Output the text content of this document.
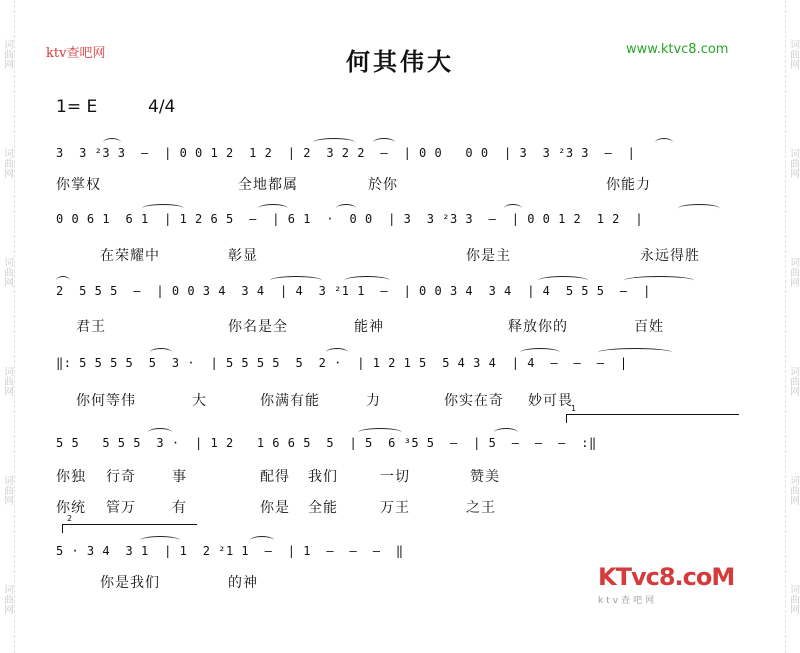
词曲网
词曲网
词曲网
词曲网
词曲网
词曲网
词曲网
词曲网
词曲网
词曲网
词曲网
词曲网
ktv查吧网	何其伟大	www.ktvc8.com
1= E	4/4
3  3 ²3 3  –  | 0 0 1 2  1 2  | 2  3 2 2  –  | 0 0   0 0  | 3  3 ²3 3  –  |
你掌权	全地都属	於你	你能力
0 0 6 1  6 1  | 1 2 6 5  –  | 6 1  ·  0 0  | 3  3 ²3 3  –  | 0 0 1 2  1 2  |
在荣耀中	彰显	你是主	永远得胜
2  5 5 5  –  | 0 0 3 4  3 4  | 4  3 ²1 1  –  | 0 0 3 4  3 4  | 4  5 5 5  –  |
君王	你名是全	能神	释放你的	百姓
‖: 5 5 5 5  5  3 ·  | 5 5 5 5  5  2 ·  | 1 2 1 5  5 4 3 4  | 4  –  –  –  |
你何等伟	大	你满有能	力	你实在奇 妙可畏
1
5 5   5 5 5  3 ·  | 1 2   1 6 6 5  5  | 5  6 ³5 5  –  | 5  –  –  –  :‖
你独 行奇	事	配得 我们	一切	赞美
你统 管万	有	你是 全能	万王	之王
2
5 · 3 4  3 1  | 1  2 ²1 1  –  | 1  –  –  –  ‖
你是我们	的神	KTvc8.coM
ktv查吧网
